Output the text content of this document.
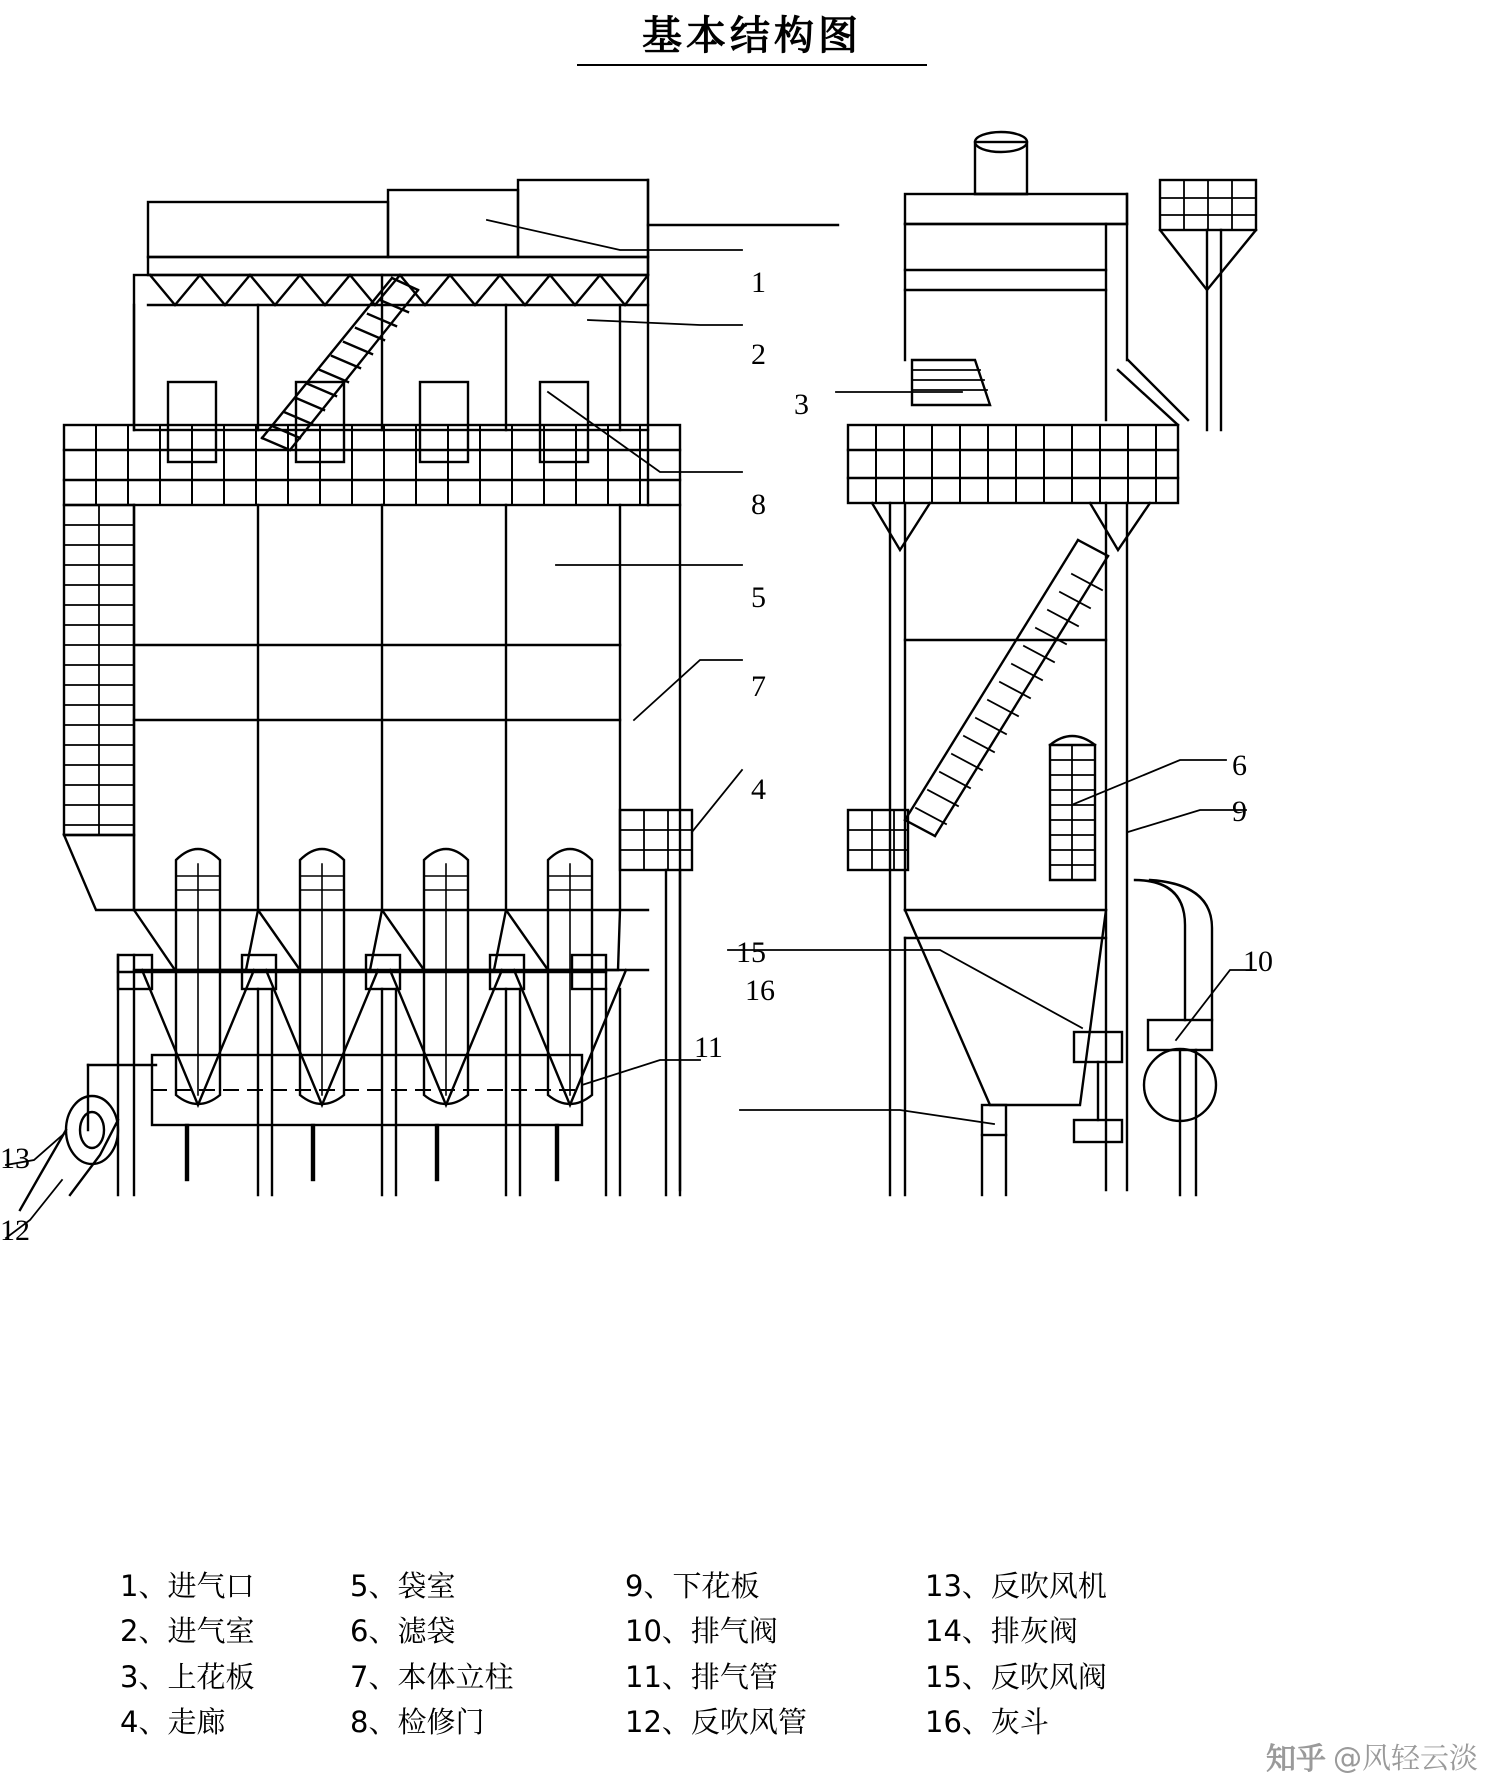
基本结构图
1
2
3
8
5
7
4
6
9
15	10
16
11
13
12
1、进气口	5、袋室	9、下花板	13、反吹风机
2、进气室	6、滤袋	10、排气阀	14、排灰阀
3、上花板	7、本体立柱	11、排气管	15、反吹风阀
4、走廊	8、检修门	12、反吹风管	16、灰斗
知乎 @风轻云淡
